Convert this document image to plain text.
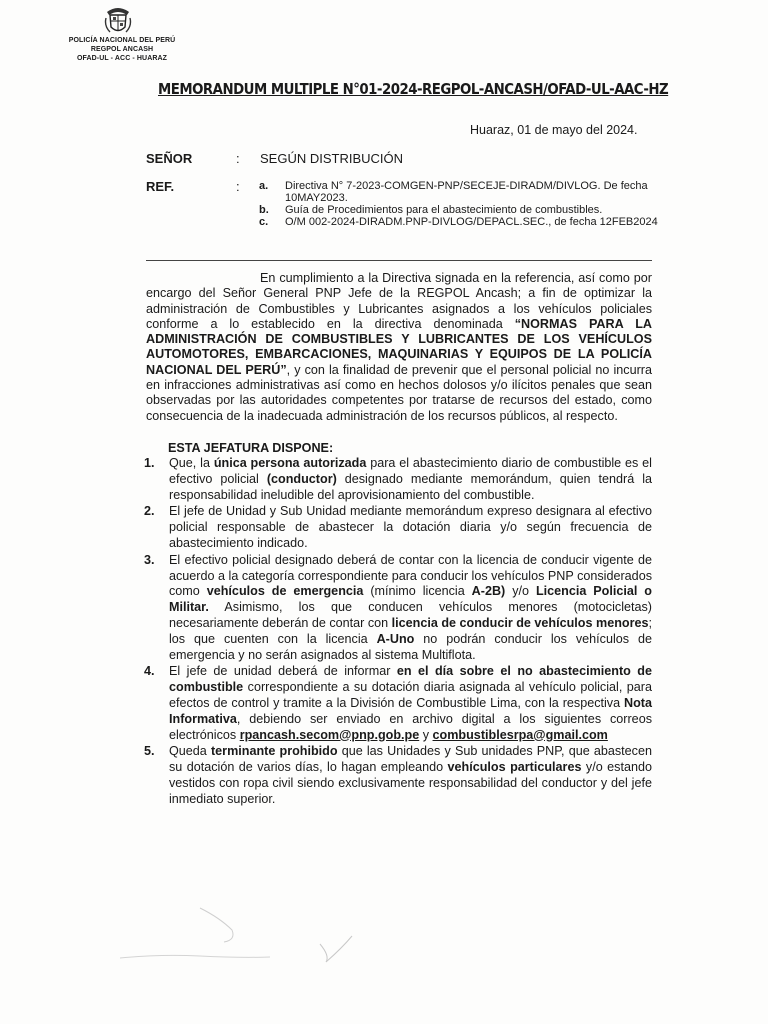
POLICÍA NACIONAL DEL PERÚ
REGPOL ANCASH
OFAD-UL - ACC - HUARAZ
MEMORANDUM MULTIPLE N°01-2024-REGPOL-ANCASH/OFAD-UL-AAC-HZ
Huaraz, 01 de mayo del 2024.
SEÑOR	: SEGÚN DISTRIBUCIÓN
REF.	: a. Directiva N° 7-2023-COMGEN-PNP/SECEJE-DIRADM/DIVLOG. De fecha 10MAY2023.
b. Guía de Procedimientos para el abastecimiento de combustibles.
c. O/M 002-2024-DIRADM.PNP-DIVLOG/DEPACL.SEC., de fecha 12FEB2024
En cumplimiento a la Directiva signada en la referencia, así como por encargo del Señor General PNP Jefe de la REGPOL Ancash; a fin de optimizar la administración de Combustibles y Lubricantes asignados a los vehículos policiales conforme a lo establecido en la directiva denominada “NORMAS PARA LA ADMINISTRACIÓN DE COMBUSTIBLES Y LUBRICANTES DE LOS VEHÍCULOS AUTOMOTORES, EMBARCACIONES, MAQUINARIAS Y EQUIPOS DE LA POLICÍA NACIONAL DEL PERÚ”, y con la finalidad de prevenir que el personal policial no incurra en infracciones administrativas así como en hechos dolosos y/o ilícitos penales que sean observadas por las autoridades competentes por tratarse de recursos del estado, como consecuencia de la inadecuada administración de los recursos públicos, al respecto.
ESTA JEFATURA DISPONE:
1. Que, la única persona autorizada para el abastecimiento diario de combustible es el efectivo policial (conductor) designado mediante memorándum, quien tendrá la responsabilidad ineludible del aprovisionamiento del combustible.
2. El jefe de Unidad y Sub Unidad mediante memorándum expreso designara al efectivo policial responsable de abastecer la dotación diaria y/o según frecuencia de abastecimiento indicado.
3. El efectivo policial designado deberá de contar con la licencia de conducir vigente de acuerdo a la categoría correspondiente para conducir los vehículos PNP considerados como vehículos de emergencia (mínimo licencia A-2B) y/o Licencia Policial o Militar. Asimismo, los que conducen vehículos menores (motocicletas) necesariamente deberán de contar con licencia de conducir de vehículos menores; los que cuenten con la licencia A-Uno no podrán conducir los vehículos de emergencia y no serán asignados al sistema Multiflota.
4. El jefe de unidad deberá de informar en el día sobre el no abastecimiento de combustible correspondiente a su dotación diaria asignada al vehículo policial, para efectos de control y tramite a la División de Combustible Lima, con la respectiva Nota Informativa, debiendo ser enviado en archivo digital a los siguientes correos electrónicos rpancash.secom@pnp.gob.pe y combustiblesrpa@gmail.com
5. Queda terminante prohibido que las Unidades y Sub unidades PNP, que abastecen su dotación de varios días, lo hagan empleando vehículos particulares y/o estando vestidos con ropa civil siendo exclusivamente responsabilidad del conductor y del jefe inmediato superior.
